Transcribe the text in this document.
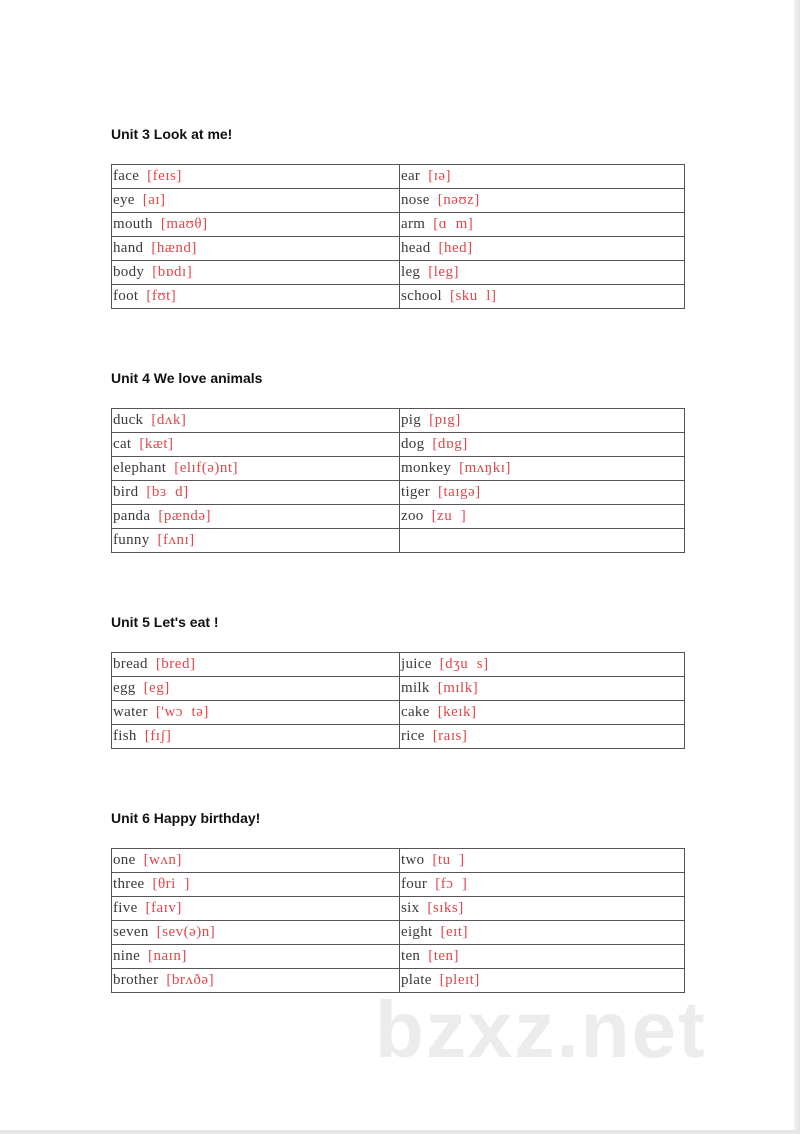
Unit 3 Look at me!
face [feɪs]	ear [ɪə]
eye [aɪ]	nose [nəʊz]
mouth [maʊθ]	arm [ɑ  m]
hand [hænd]	head [hed]
body [bɒdɪ]	leg [leg]
foot [fʊt]	school [sku  l]
Unit 4 We love animals
duck [dʌk]	pig [pɪg]
cat [kæt]	dog [dɒg]
elephant [elɪf(ə)nt]	monkey [mʌŋkɪ]
bird [bɜ  d]	tiger [taɪgə]
panda [pændə]	zoo [zu  ]
funny [fʌnɪ]	
Unit 5 Let's eat !
bread [bred]	juice [dʒu  s]
egg [eg]	milk [mɪlk]
water ['wɔ  tə]	cake [keɪk]
fish [fɪʃ]	rice [raɪs]
Unit 6 Happy birthday!
one [wʌn]	two [tu  ]
three [θri  ]	four [fɔ  ]
five [faɪv]	six [sɪks]
seven [sev(ə)n]	eight [eɪt]
nine [naɪn]	ten [ten]
brother [brʌðə]	plate [pleɪt]
bzxz.net
